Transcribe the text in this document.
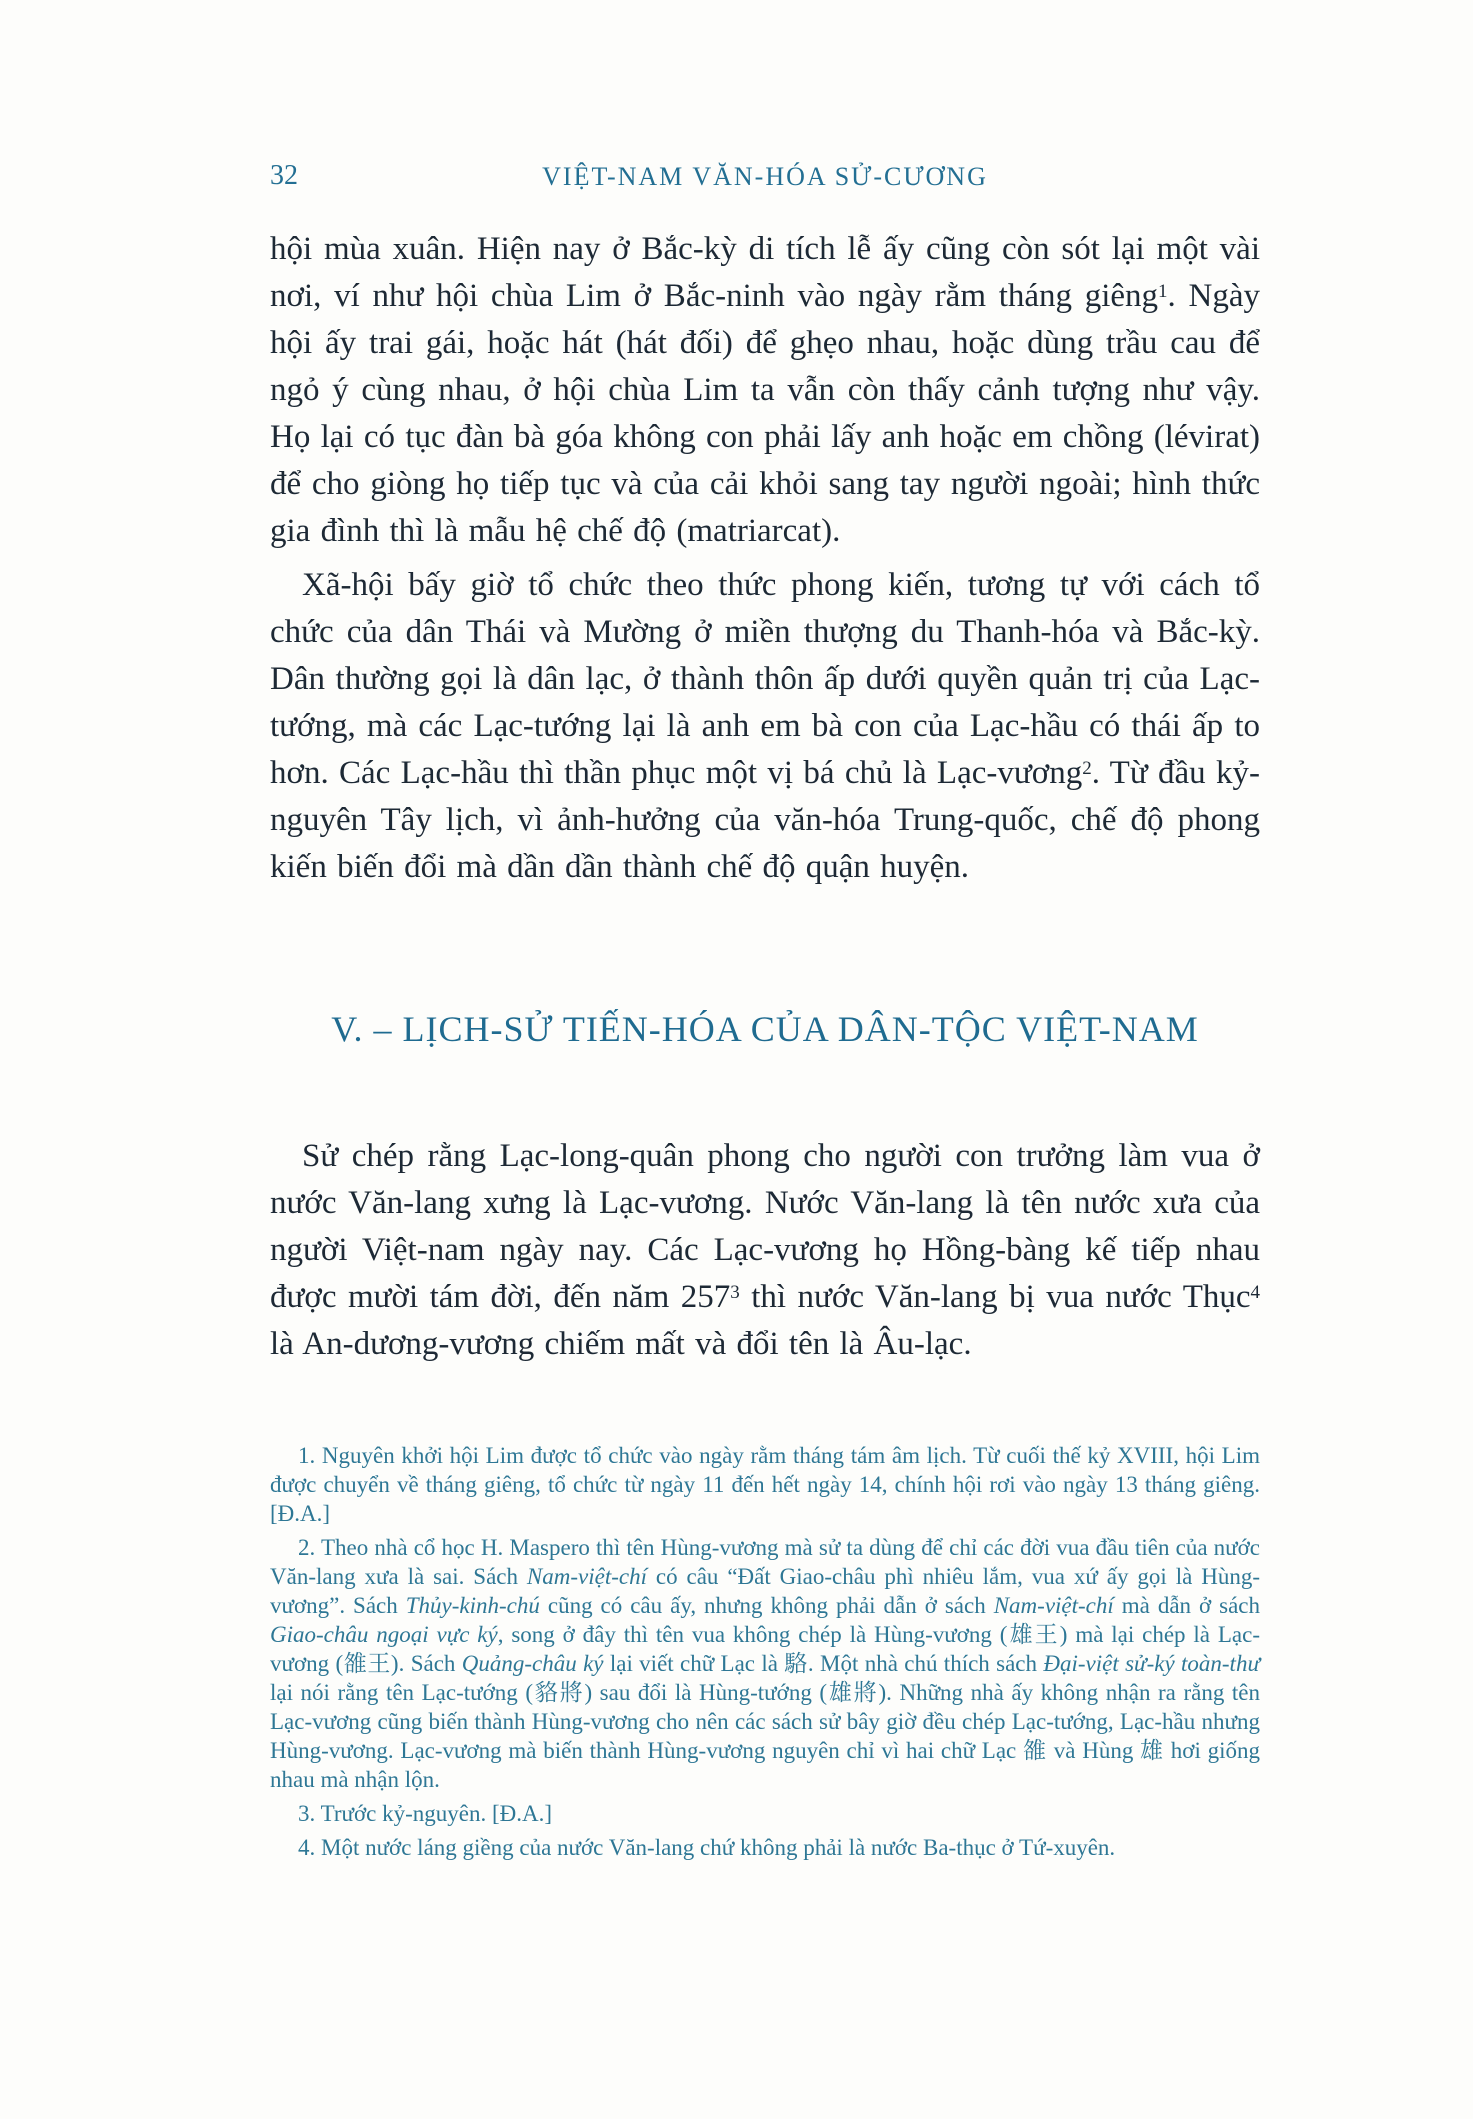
32	VIỆT-NAM VĂN-HÓA SỬ-CƯƠNG

hội mùa xuân. Hiện nay ở Bắc-kỳ di tích lễ ấy cũng còn sót lại một vài nơi, ví như hội chùa Lim ở Bắc-ninh vào ngày rằm tháng giêng$^1$. Ngày hội ấy trai gái, hoặc hát (hát đối) để ghẹo nhau, hoặc dùng trầu cau để ngỏ ý cùng nhau, ở hội chùa Lim ta vẫn còn thấy cảnh tượng như vậy. Họ lại có tục đàn bà góa không con phải lấy anh hoặc em chồng (lévirat) để cho giòng họ tiếp tục và của cải khỏi sang tay người ngoài; hình thức gia đình thì là mẫu hệ chế độ (matriarcat).

Xã-hội bấy giờ tổ chức theo thức phong kiến, tương tự với cách tổ chức của dân Thái và Mường ở miền thượng du Thanh-hóa và Bắc-kỳ. Dân thường gọi là dân lạc, ở thành thôn ấp dưới quyền quản trị của Lạc-tướng, mà các Lạc-tướng lại là anh em bà con của Lạc-hầu có thái ấp to hơn. Các Lạc-hầu thì thần phục một vị bá chủ là Lạc-vương$^2$. Từ đầu kỷ-nguyên Tây lịch, vì ảnh-hưởng của văn-hóa Trung-quốc, chế độ phong kiến biến đổi mà dần dần thành chế độ quận huyện.

V. – LỊCH-SỬ TIẾN-HÓA CỦA DÂN-TỘC VIỆT-NAM

Sử chép rằng Lạc-long-quân phong cho người con trưởng làm vua ở nước Văn-lang xưng là Lạc-vương. Nước Văn-lang là tên nước xưa của người Việt-nam ngày nay. Các Lạc-vương họ Hồng-bàng kế tiếp nhau được mười tám đời, đến năm $257^3$ thì nước Văn-lang bị vua nước Thục$^4$ là An-dương-vương chiếm mất và đổi tên là Âu-lạc.

1. Nguyên khởi hội Lim được tổ chức vào ngày rằm tháng tám âm lịch. Từ cuối thế kỷ XVIII, hội Lim được chuyển về tháng giêng, tổ chức từ ngày 11 đến hết ngày 14, chính hội rơi vào ngày 13 tháng giêng. [Đ.A.]

2. Theo nhà cổ học H. Maspero thì tên Hùng-vương mà sử ta dùng để chỉ các đời vua đầu tiên của nước Văn-lang xưa là sai. Sách Nam-việt-chí có câu “Đất Giao-châu phì nhiêu lắm, vua xứ ấy gọi là Hùng-vương”. Sách Thủy-kinh-chú cũng có câu ấy, nhưng không phải dẫn ở sách Nam-việt-chí mà dẫn ở sách Giao-châu ngoại vực ký, song ở đây thì tên vua không chép là Hùng-vương (雄王) mà lại chép là Lạc-vương (雒王). Sách Quảng-châu ký lại viết chữ Lạc là 駱. Một nhà chú thích sách Đại-việt sử-ký toàn-thư lại nói rằng tên Lạc-tướng (貉將) sau đổi là Hùng-tướng (雄將). Những nhà ấy không nhận ra rằng tên Lạc-vương cũng biến thành Hùng-vương cho nên các sách sử bây giờ đều chép Lạc-tướng, Lạc-hầu nhưng Hùng-vương. Lạc-vương mà biến thành Hùng-vương nguyên chỉ vì hai chữ Lạc 雒 và Hùng 雄 hơi giống nhau mà nhận lộn.

3. Trước kỷ-nguyên. [Đ.A.]

4. Một nước láng giềng của nước Văn-lang chứ không phải là nước Ba-thục ở Tứ-xuyên.
